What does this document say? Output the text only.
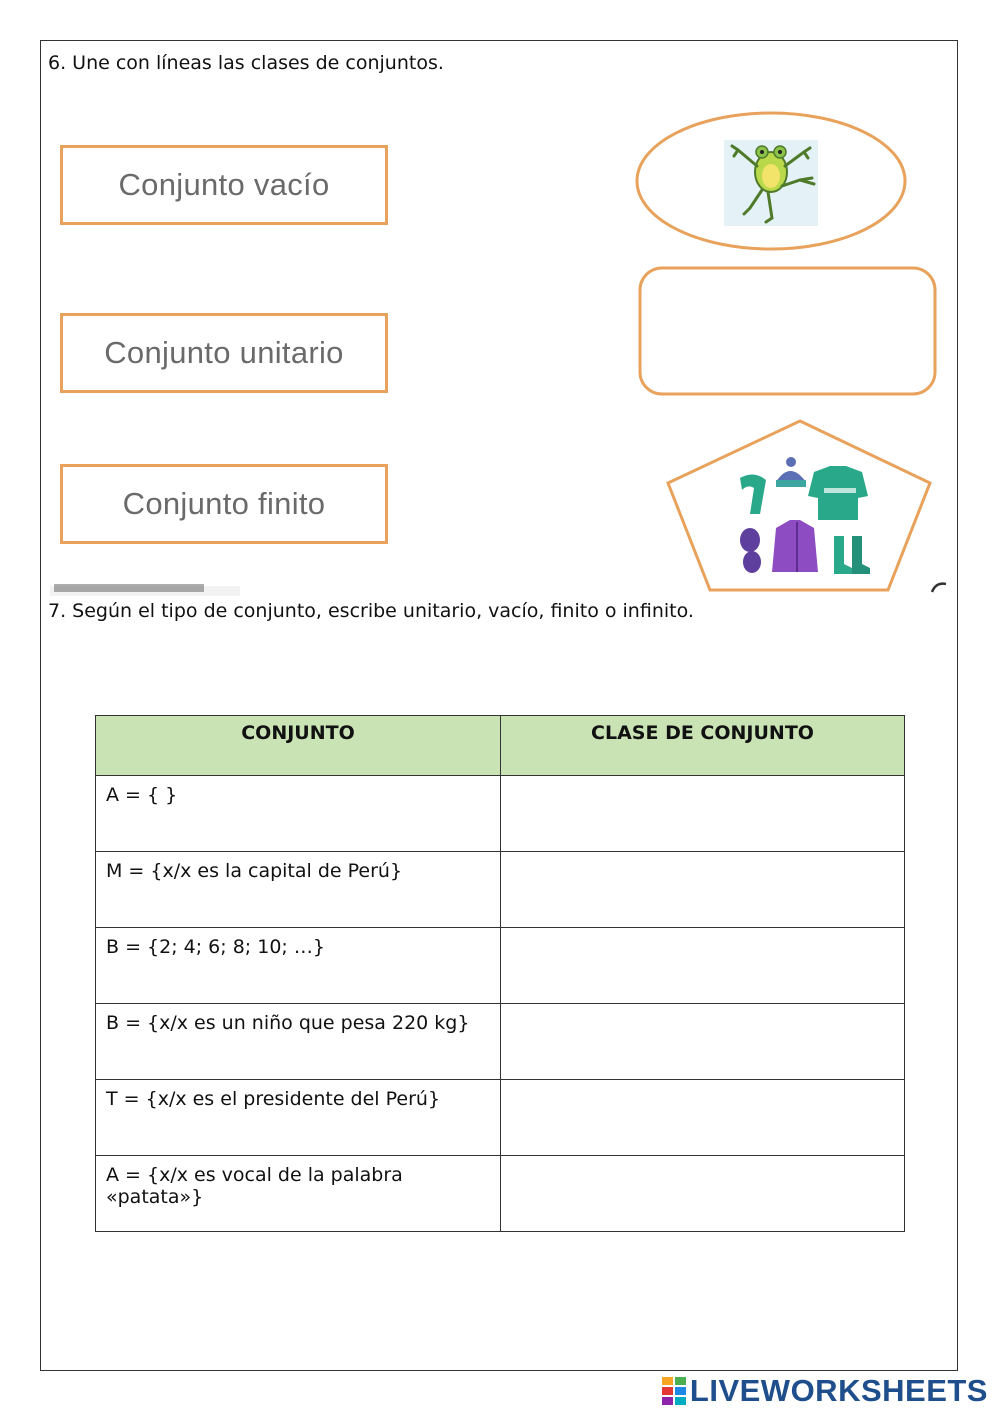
6. Une con líneas las clases de conjuntos.
Conjunto vacío
Conjunto unitario
Conjunto finito
7. Según el tipo de conjunto, escribe unitario, vacío, finito o infinito.
CONJUNTO	CLASE DE CONJUNTO
A = { }	
M = {x/x es la capital de Perú}	
B = {2; 4; 6; 8; 10; …}	
B = {x/x es un niño que pesa 220 kg}	
T = {x/x es el presidente del Perú}	
A = {x/x es vocal de la palabra «patata»}	
LIVEWORKSHEETS
